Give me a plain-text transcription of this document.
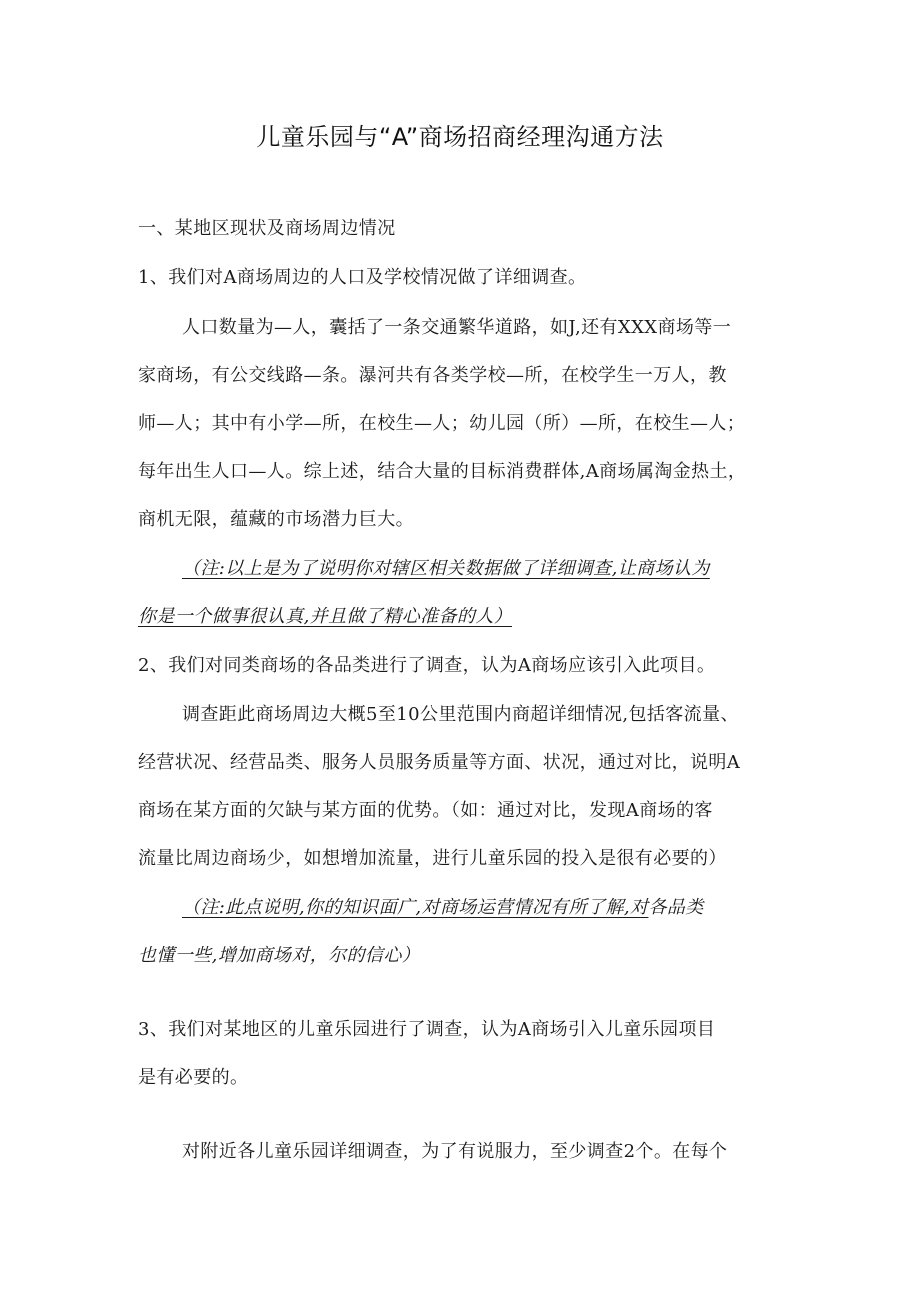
儿童乐园与“A”商场招商经理沟通方法
一、某地区现状及商场周边情况
1、我们对A商场周边的人口及学校情况做了详细调查。
人口数量为—人，囊括了一条交通繁华道路，如J,还有XXX商场等一
家商场，有公交线路—条。瀑河共有各类学校—所，在校学生一万人，教
师—人；其中有小学—所，在校生—人；幼儿园（所）—所，在校生—人；
每年出生人口—人。综上述，结合大量的目标消费群体,A商场属淘金热土，
商机无限，蕴藏的市场潜力巨大。
（注:以上是为了说明你对辖区相关数据做了详细调查,让商场认为
你是一个做事很认真,并且做了精心准备的人）
2、我们对同类商场的各品类进行了调查，认为A商场应该引入此项目。
调查距此商场周边大概5至10公里范围内商超详细情况,包括客流量、
经营状况、经营品类、服务人员服务质量等方面、状况，通过对比，说明A
商场在某方面的欠缺与某方面的优势。（如：通过对比，发现A商场的客
流量比周边商场少，如想增加流量，进行儿童乐园的投入是很有必要的）
（注:此点说明,你的知识面广,对商场运营情况有所了解,对各品类
也懂一些,增加商场对，尔的信心）
3、我们对某地区的儿童乐园进行了调查，认为A商场引入儿童乐园项目
是有必要的。
对附近各儿童乐园详细调查，为了有说服力，至少调查2个。在每个
